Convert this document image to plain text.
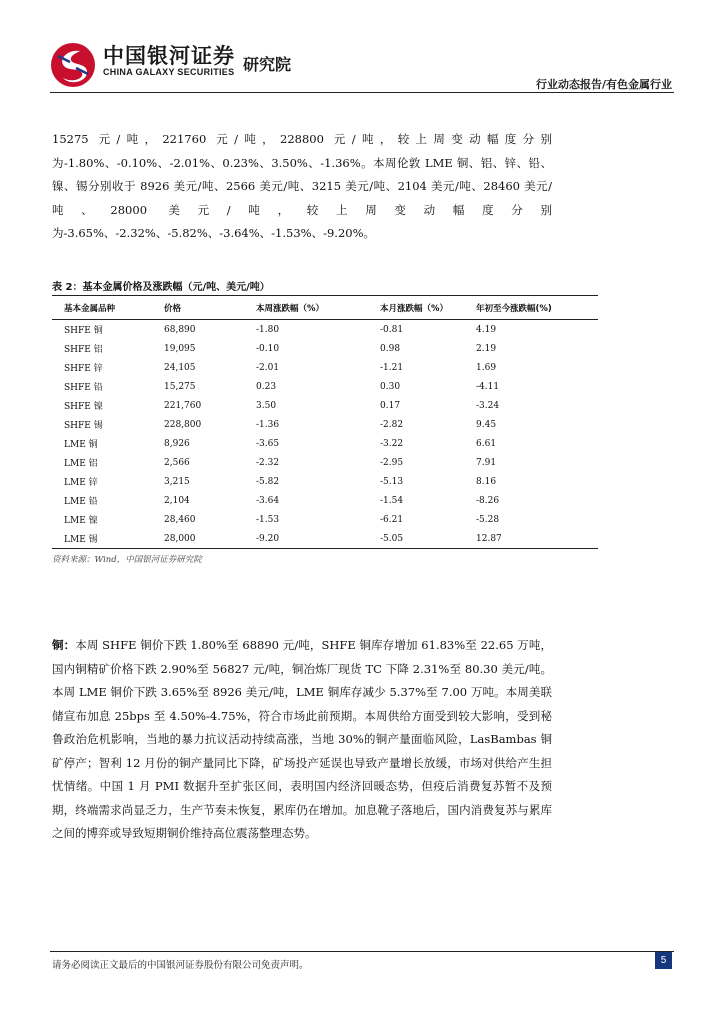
中国银河证券
CHINA GALAXY SECURITIES 研究院
行业动态报告/有色金属行业

15275 元/吨，221760 元/吨，228800 元/吨，较上周变动幅度分别为-1.80%、-0.10%、-2.01%、0.23%、3.50%、-1.36%。本周伦敦 LME 铜、铝、锌、铅、镍、锡分别收于 8926 美元/吨、2566 美元/吨、3215 美元/吨、2104 美元/吨、28460 美元/吨、28000 美元/吨，较上周变动幅度分别为-3.65%、-2.32%、-5.82%、-3.64%、-1.53%、-9.20%。

表 2：基本金属价格及涨跌幅（元/吨、美元/吨）
基本金属品种	价格	本周涨跌幅（%）	本月涨跌幅（%）	年初至今涨跌幅(%)
SHFE 铜	68,890	-1.80	-0.81	4.19
SHFE 铝	19,095	-0.10	0.98	2.19
SHFE 锌	24,105	-2.01	-1.21	1.69
SHFE 铅	15,275	0.23	0.30	-4.11
SHFE 镍	221,760	3.50	0.17	-3.24
SHFE 锡	228,800	-1.36	-2.82	9.45
LME 铜	8,926	-3.65	-3.22	6.61
LME 铝	2,566	-2.32	-2.95	7.91
LME 锌	3,215	-5.82	-5.13	8.16
LME 铅	2,104	-3.64	-1.54	-8.26
LME 镍	28,460	-1.53	-6.21	-5.28
LME 锡	28,000	-9.20	-5.05	12.87
资料来源：Wind，中国银河证券研究院

铜：本周 SHFE 铜价下跌 1.80%至 68890 元/吨，SHFE 铜库存增加 61.83%至 22.65 万吨，国内铜精矿价格下跌 2.90%至 56827 元/吨，铜冶炼厂现货 TC 下降 2.31%至 80.30 美元/吨。本周 LME 铜价下跌 3.65%至 8926 美元/吨，LME 铜库存减少 5.37%至 7.00 万吨。本周美联储宣布加息 25bps 至 4.50%-4.75%，符合市场此前预期。本周供给方面受到较大影响，受到秘鲁政治危机影响，当地的暴力抗议活动持续高涨，当地 30%的铜产量面临风险，LasBambas 铜矿停产；智利 12 月份的铜产量同比下降，矿场投产延误也导致产量增长放缓，市场对供给产生担忧情绪。中国 1 月 PMI 数据升至扩张区间，表明国内经济回暖态势，但疫后消费复苏暂不及预期，终端需求尚显乏力，生产节奏未恢复，累库仍在增加。加息靴子落地后，国内消费复苏与累库之间的博弈或导致短期铜价维持高位震荡整理态势。

请务必阅读正文最后的中国银河证券股份有限公司免责声明。	5
